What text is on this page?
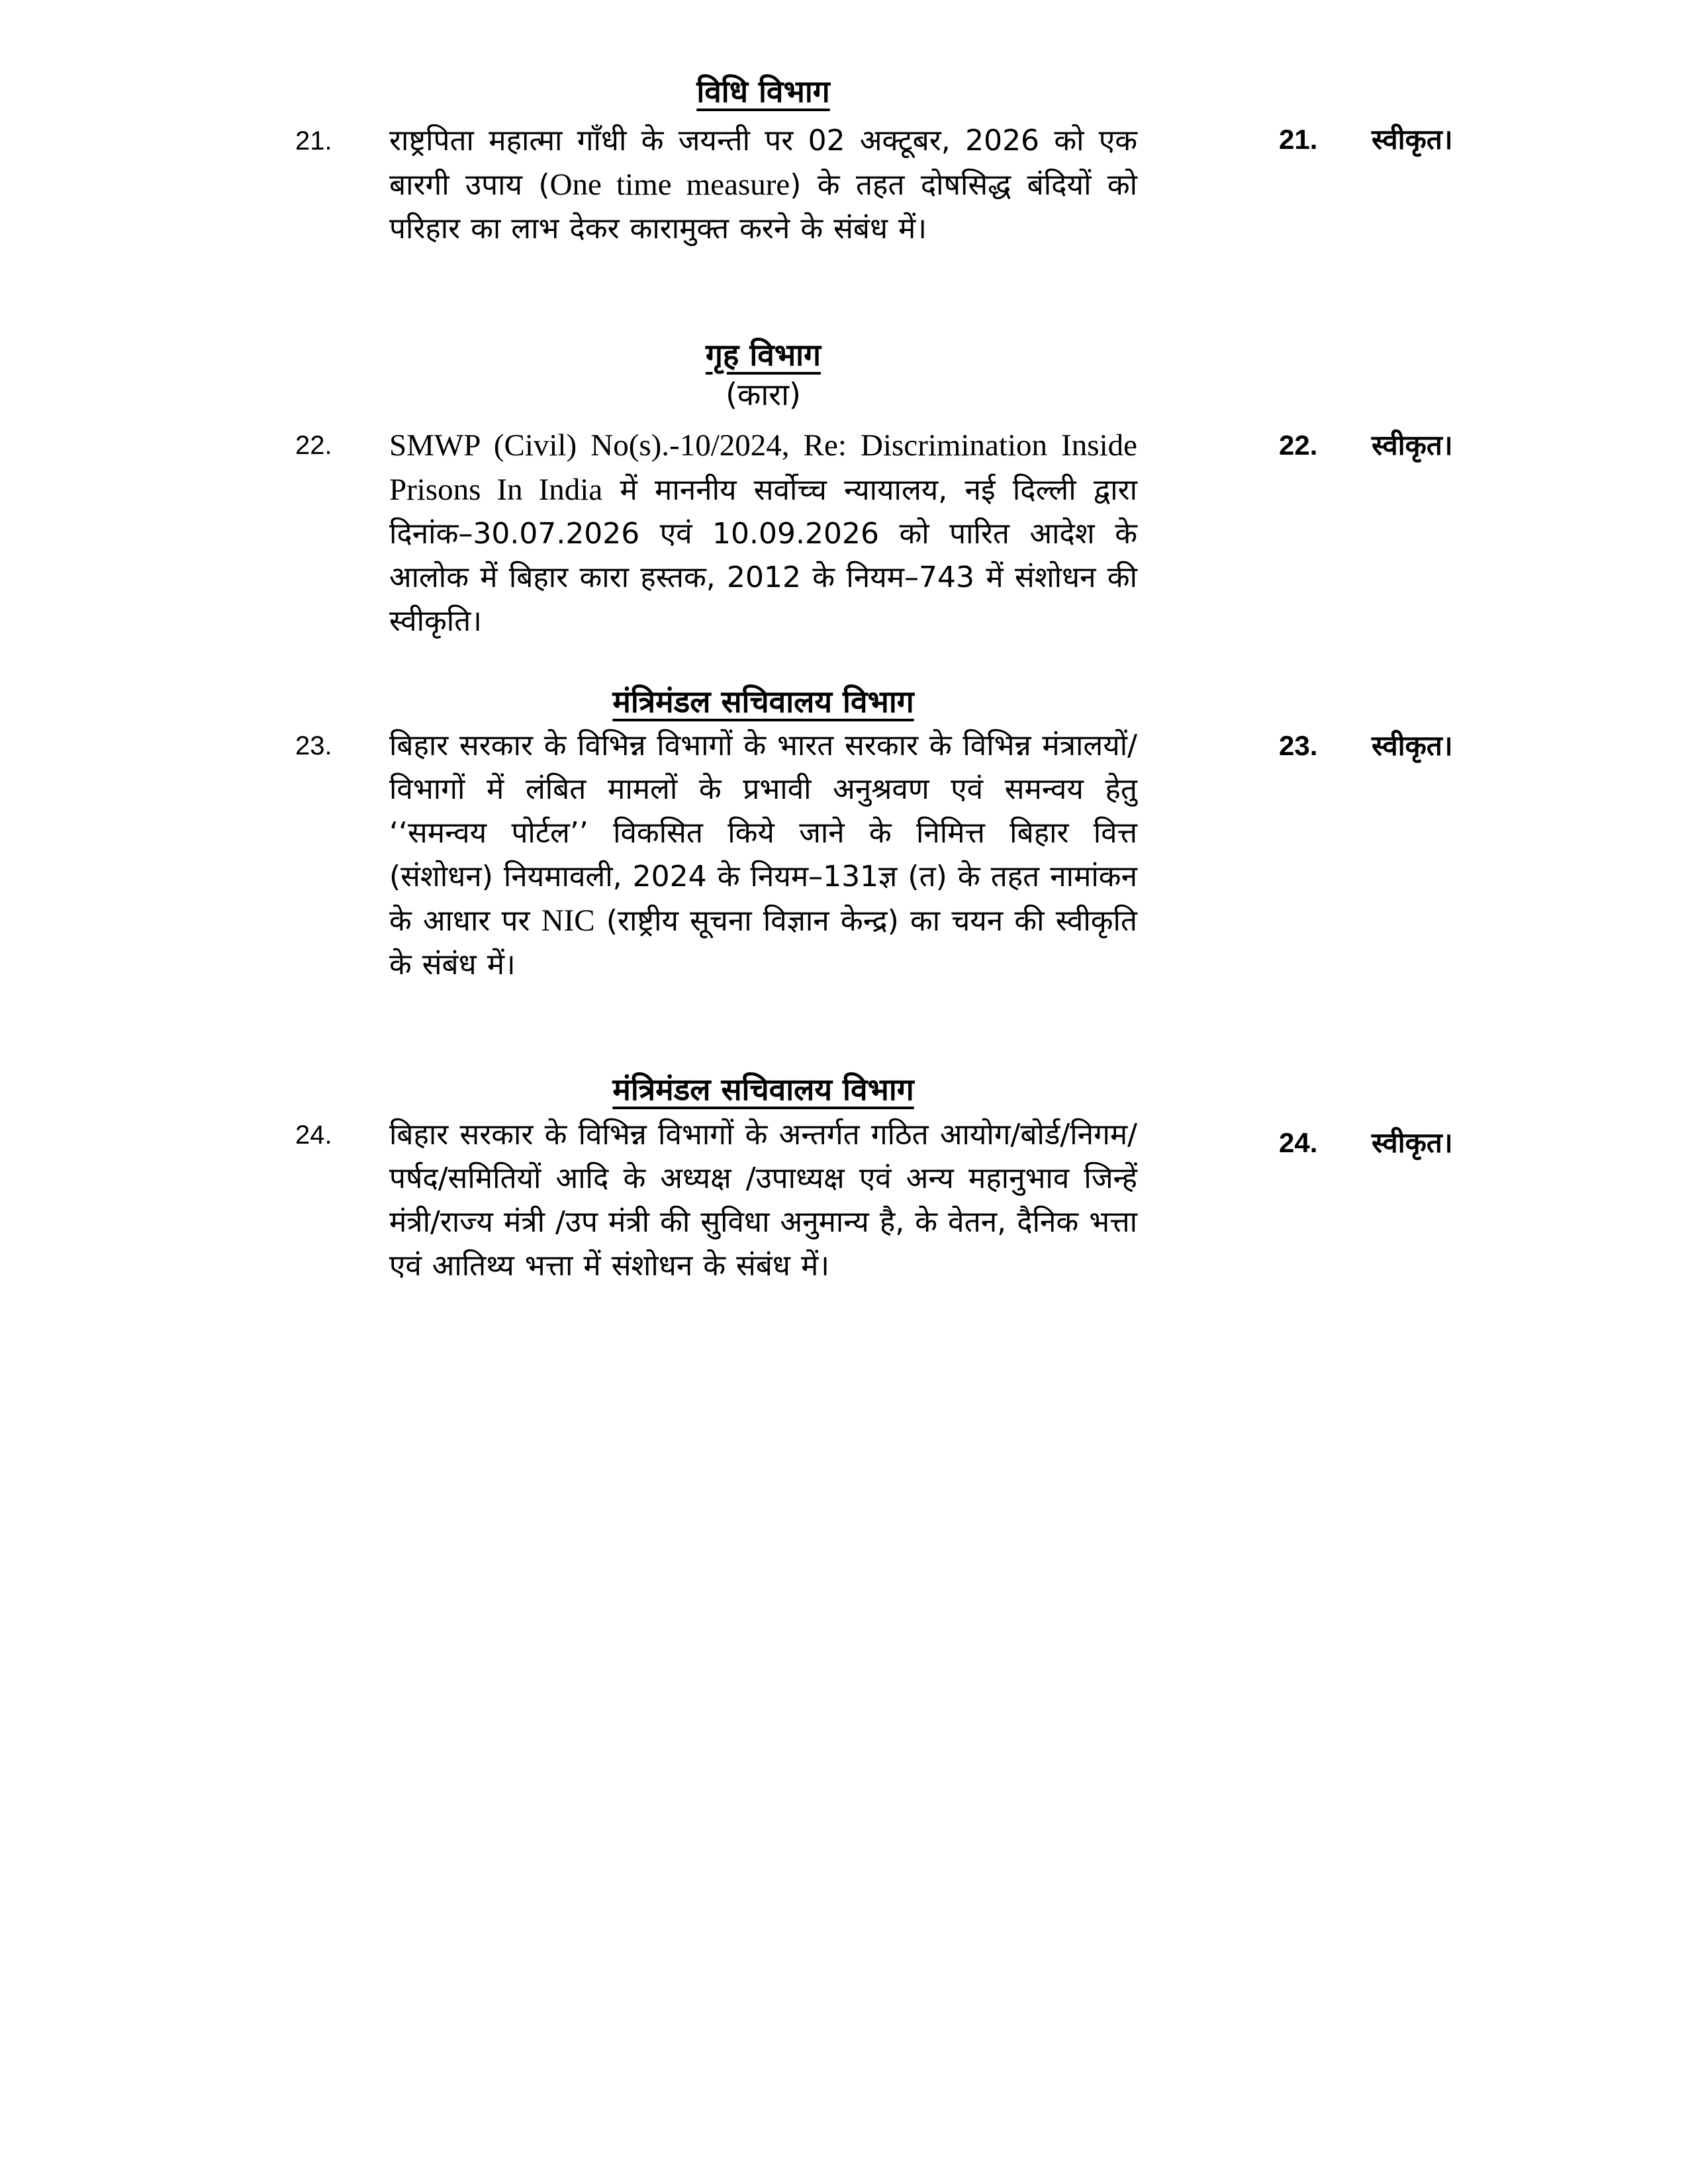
विधि विभाग
21. राष्ट्रपिता महात्मा गाँधी के जयन्ती पर 02 अक्टूबर, 2026 को एक बारगी उपाय (One time measure) के तहत दोषसिद्ध बंदियों को परिहार का लाभ देकर कारामुक्त करने के संबंध में।
21. स्वीकृत।
गृह विभाग
(कारा)
22. SMWP (Civil) No(s).-10/2024, Re: Discrimination Inside Prisons In India में माननीय सर्वोच्च न्यायालय, नई दिल्ली द्वारा दिनांक–30.07.2026 एवं 10.09.2026 को पारित आदेश के आलोक में बिहार कारा हस्तक, 2012 के नियम–743 में संशोधन की स्वीकृति।
22. स्वीकृत।
मंत्रिमंडल सचिवालय विभाग
23. बिहार सरकार के विभिन्न विभागों के भारत सरकार के विभिन्न मंत्रालयों/विभागों में लंबित मामलों के प्रभावी अनुश्रवण एवं समन्वय हेतु ‘‘समन्वय पोर्टल’’ विकसित किये जाने के निमित्त बिहार वित्त (संशोधन) नियमावली, 2024 के नियम–131ज्ञ (त) के तहत नामांकन के आधार पर NIC (राष्ट्रीय सूचना विज्ञान केन्द्र) का चयन की स्वीकृति के संबंध में।
23. स्वीकृत।
मंत्रिमंडल सचिवालय विभाग
24. बिहार सरकार के विभिन्न विभागों के अन्तर्गत गठित आयोग/बोर्ड/निगम/पर्षद/समितियों आदि के अध्यक्ष /उपाध्यक्ष एवं अन्य महानुभाव जिन्हें मंत्री/राज्य मंत्री /उप मंत्री की सुविधा अनुमान्य है, के वेतन, दैनिक भत्ता एवं आतिथ्य भत्ता में संशोधन के संबंध में।
24. स्वीकृत।
